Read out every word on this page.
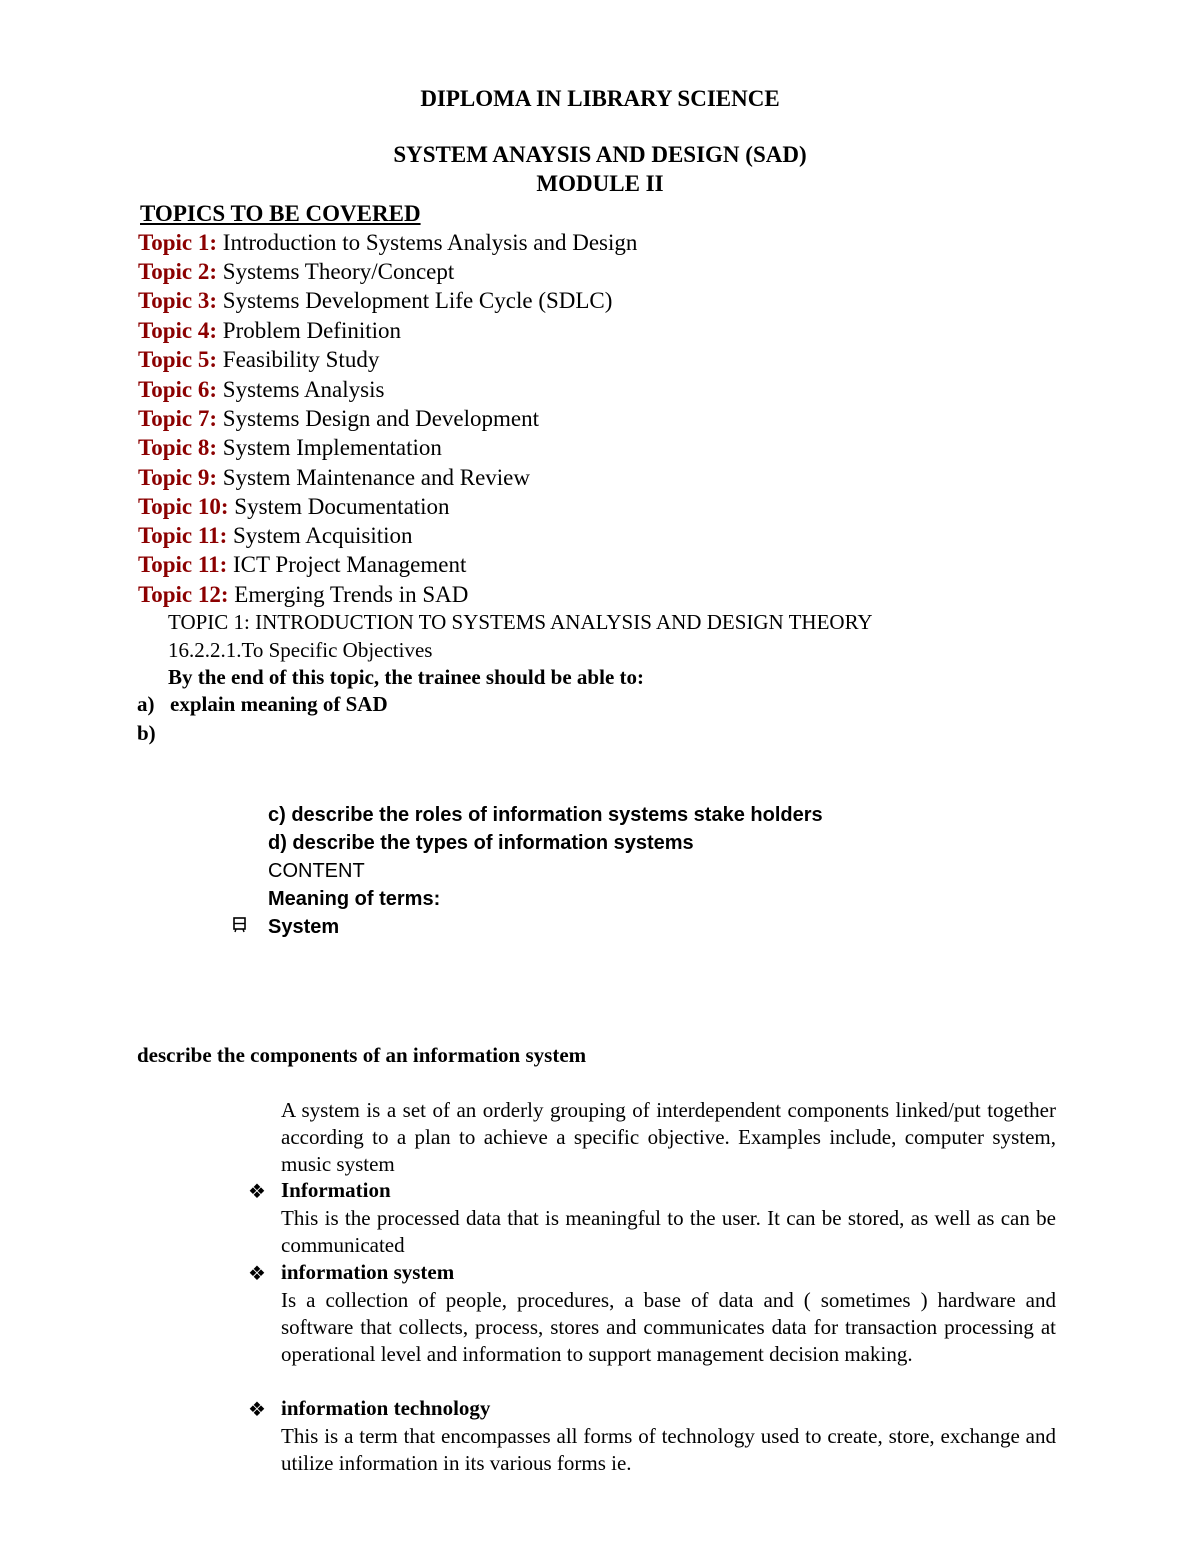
DIPLOMA IN LIBRARY SCIENCE
SYSTEM ANAYSIS AND DESIGN (SAD)
MODULE II
TOPICS TO BE COVERED
Topic 1: Introduction to Systems Analysis and Design
Topic 2: Systems Theory/Concept
Topic 3: Systems Development Life Cycle (SDLC)
Topic 4: Problem Definition
Topic 5: Feasibility Study
Topic 6: Systems Analysis
Topic 7: Systems Design and Development
Topic 8: System Implementation
Topic 9: System Maintenance and Review
Topic 10: System Documentation
Topic 11: System Acquisition
Topic 11: ICT Project Management
Topic 12: Emerging Trends in SAD
TOPIC 1: INTRODUCTION TO SYSTEMS ANALYSIS AND DESIGN THEORY
16.2.2.1.To Specific Objectives
By the end of this topic, the trainee should be able to:
a) explain meaning of SAD
b)
c) describe the roles of information systems stake holders
d) describe the types of information systems
CONTENT
Meaning of terms:
System
describe the components of an information system
A system is a set of an orderly grouping of interdependent components linked/put together according to a plan to achieve a specific objective. Examples include, computer system, music system
❖ Information
This is the processed data that is meaningful to the user. It can be stored, as well as can be communicated
❖ information system
Is a collection of people, procedures, a base of data and ( sometimes ) hardware and software that collects, process, stores and communicates data for transaction processing at operational level and information to support management decision making.
❖ information technology
This is a term that encompasses all forms of technology used to create, store, exchange and utilize information in its various forms ie.
